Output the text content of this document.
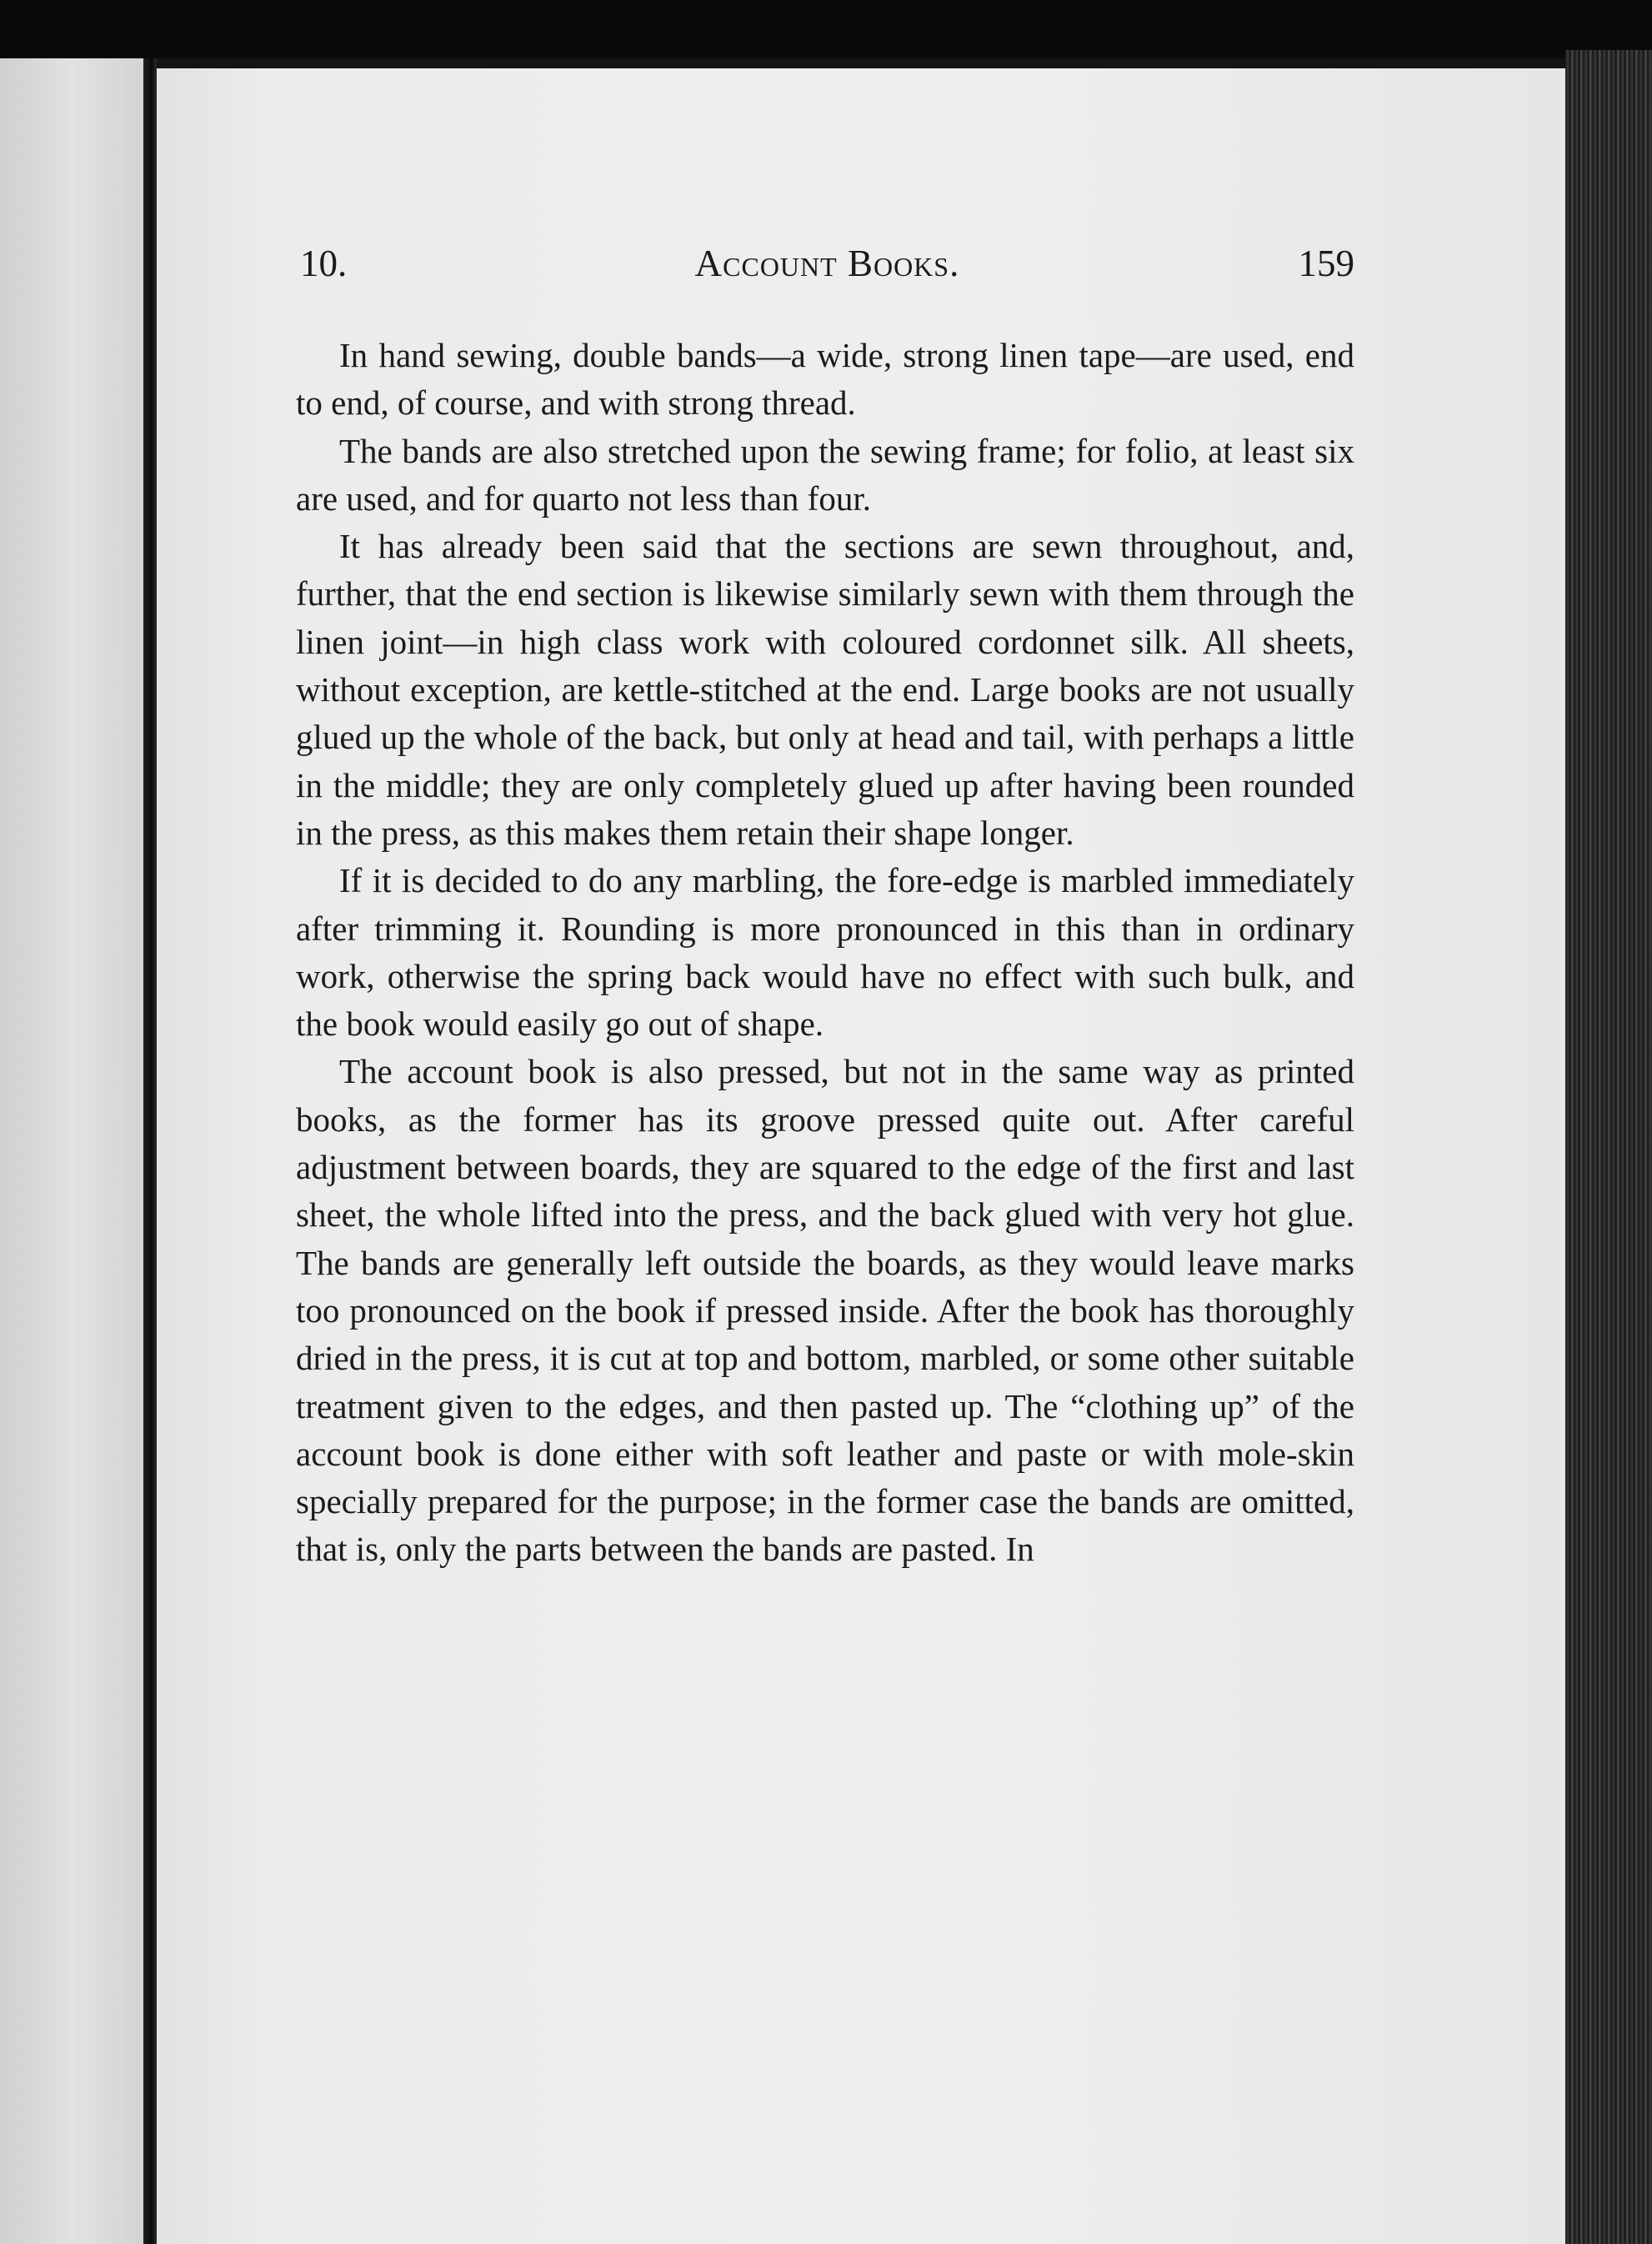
10.	Account Books.	159

In hand sewing, double bands—a wide, strong linen tape—are used, end to end, of course, and with strong thread.

The bands are also stretched upon the sewing frame; for folio, at least six are used, and for quarto not less than four.

It has already been said that the sections are sewn throughout, and, further, that the end section is likewise similarly sewn with them through the linen joint—in high class work with coloured cordonnet silk. All sheets, without exception, are kettle-stitched at the end. Large books are not usually glued up the whole of the back, but only at head and tail, with perhaps a little in the middle; they are only completely glued up after having been rounded in the press, as this makes them retain their shape longer.

If it is decided to do any marbling, the fore-edge is marbled immediately after trimming it. Rounding is more pronounced in this than in ordinary work, otherwise the spring back would have no effect with such bulk, and the book would easily go out of shape.

The account book is also pressed, but not in the same way as printed books, as the former has its groove pressed quite out. After careful adjustment between boards, they are squared to the edge of the first and last sheet, the whole lifted into the press, and the back glued with very hot glue. The bands are generally left outside the boards, as they would leave marks too pronounced on the book if pressed inside. After the book has thoroughly dried in the press, it is cut at top and bottom, marbled, or some other suitable treatment given to the edges, and then pasted up. The “clothing up” of the account book is done either with soft leather and paste or with mole-skin specially prepared for the purpose; in the former case the bands are omitted, that is, only the parts between the bands are pasted. In
